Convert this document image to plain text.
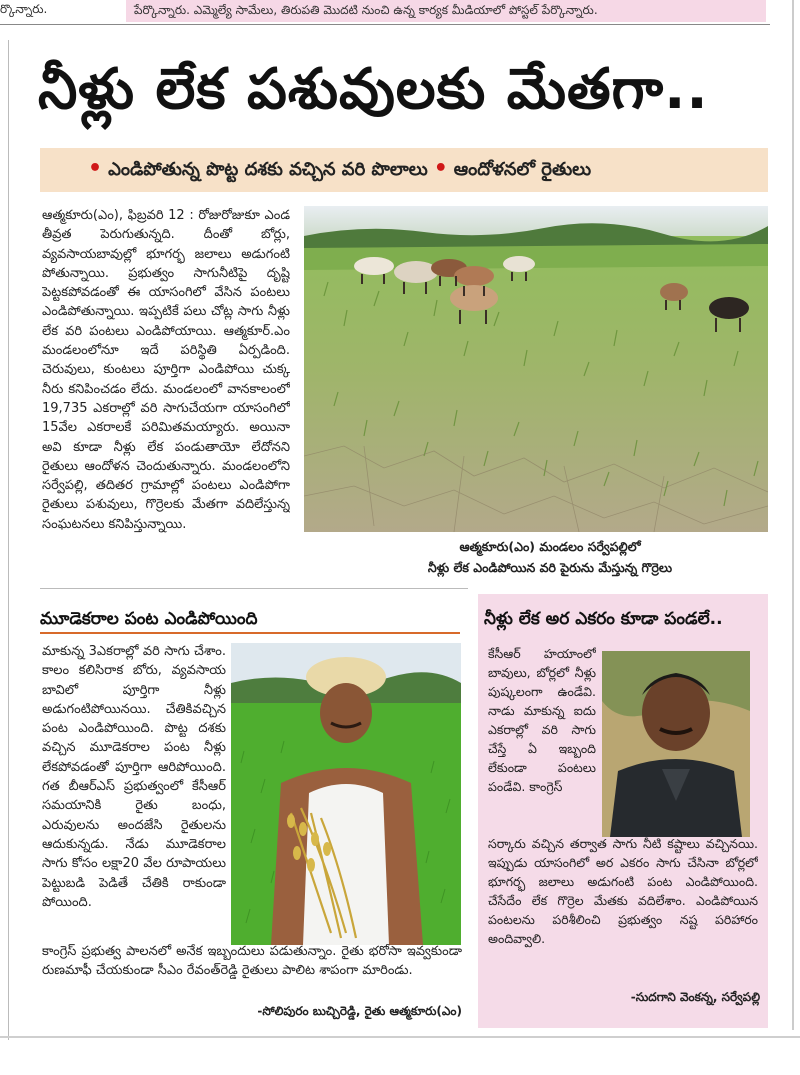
ర్కొన్నారు.	పేర్కొన్నారు. ఎమ్మెల్యే సామేలు, తిరుపతి మొదటి నుంచి ఉన్న కార్యక మీడియాలో పోస్టల్ పేర్కొన్నారు.
నీళ్లు లేక పశువులకు మేతగా..
• ఎండిపోతున్న పొట్ట దశకు వచ్చిన వరి పొలాలు • ఆందోళనలో రైతులు
ఆత్మకూరు(ఎం), ఫిబ్రవరి 12 : రోజురోజుకూ ఎండ తీవ్రత పెరుగుతున్నది. దీంతో బోర్లు, వ్యవసాయబావుల్లో భూగర్భ జలాలు అడుగంటి పోతున్నాయి. ప్రభుత్వం సాగునీటిపై దృష్టి పెట్టకపోవడంతో ఈ యాసంగిలో వేసిన పంటలు ఎండిపోతున్నాయి. ఇప్పటికే పలు చోట్ల సాగు నీళ్లు లేక వరి పంటలు ఎండిపోయాయి. ఆత్మకూర్.ఎం మండలంలోనూ ఇదే పరిస్థితి ఏర్పడింది. చెరువులు, కుంటలు పూర్తిగా ఎండిపోయి చుక్క నీరు కనిపించడం లేదు. మండలంలో వానకాలంలో 19,735 ఎకరాల్లో వరి సాగుచేయగా యాసంగిలో 15వేల ఎకరాలకే పరిమితమయ్యారు. అయినా అవి కూడా నీళ్లు లేక పండుతాయో లేదోనని రైతులు ఆందోళన చెందుతున్నారు. మండలంలోని సర్వేపల్లి, తదితర గ్రామాల్లో పంటలు ఎండిపోగా రైతులు పశువులు, గొర్రెలకు మేతగా వదిలేస్తున్న సంఘటనలు కనిపిస్తున్నాయి.
ఆత్మకూరు(ఎం) మండలం సర్వేపల్లిలో
నీళ్లు లేక ఎండిపోయిన వరి పైరును మేస్తున్న గొర్రెలు
మూడెకరాల పంట ఎండిపోయింది
మాకున్న 3ఎకరాల్లో వరి సాగు చేశాం. కాలం కలిసిరాక బోరు, వ్యవసాయ బావిలో పూర్తిగా నీళ్లు అడుగంటిపోయినయి. చేతికివచ్చిన పంట ఎండిపోయింది. పొట్ట దశకు వచ్చిన మూడెకరాల పంట నీళ్లు లేకపోవడంతో పూర్తిగా ఆరిపోయింది. గత బీఆర్ఎస్ ప్రభుత్వంలో కేసీఆర్ సమయానికి రైతు బంధు, ఎరువులను అందజేసి రైతులను ఆదుకున్నడు. నేడు మూడెకరాల సాగు కోసం లక్షా20 వేల రూపాయలు పెట్టుబడి పెడితే చేతికి రాకుండా పోయింది.
కాంగ్రెస్ ప్రభుత్వ పాలనలో అనేక ఇబ్బందులు పడుతున్నాం. రైతు భరోసా ఇవ్వకుండా రుణమాఫీ చేయకుండా సీఎం రేవంత్‌రెడ్డి రైతులు పాలిట శాపంగా మారిండు.
-సోలిపురం బుచ్చిరెడ్డి, రైతు ఆత్మకూరు(ఎం)
నీళ్లు లేక అర ఎకరం కూడా పండలే..
కేసీఆర్ హయాంలో బావులు, బోర్లలో నీళ్లు పుష్కలంగా ఉండేవి. నాడు మాకున్న ఐదు ఎకరాల్లో వరి సాగు చేస్తే ఏ ఇబ్బంది లేకుండా పంటలు పండేవి. కాంగ్రెస్
సర్కారు వచ్చిన తర్వాత సాగు నీటి కష్టాలు వచ్చినయి. ఇప్పుడు యాసంగిలో అర ఎకరం సాగు చేసినా బోర్లలో భూగర్భ జలాలు అడుగంటి పంట ఎండిపోయింది. చేసేదేం లేక గొర్రెల మేతకు వదిలేశాం. ఎండిపోయిన పంటలను పరిశీలించి ప్రభుత్వం నష్ట పరిహారం అందివ్వాలి.
-సుదగాని వెంకన్న, సర్వేపల్లి
